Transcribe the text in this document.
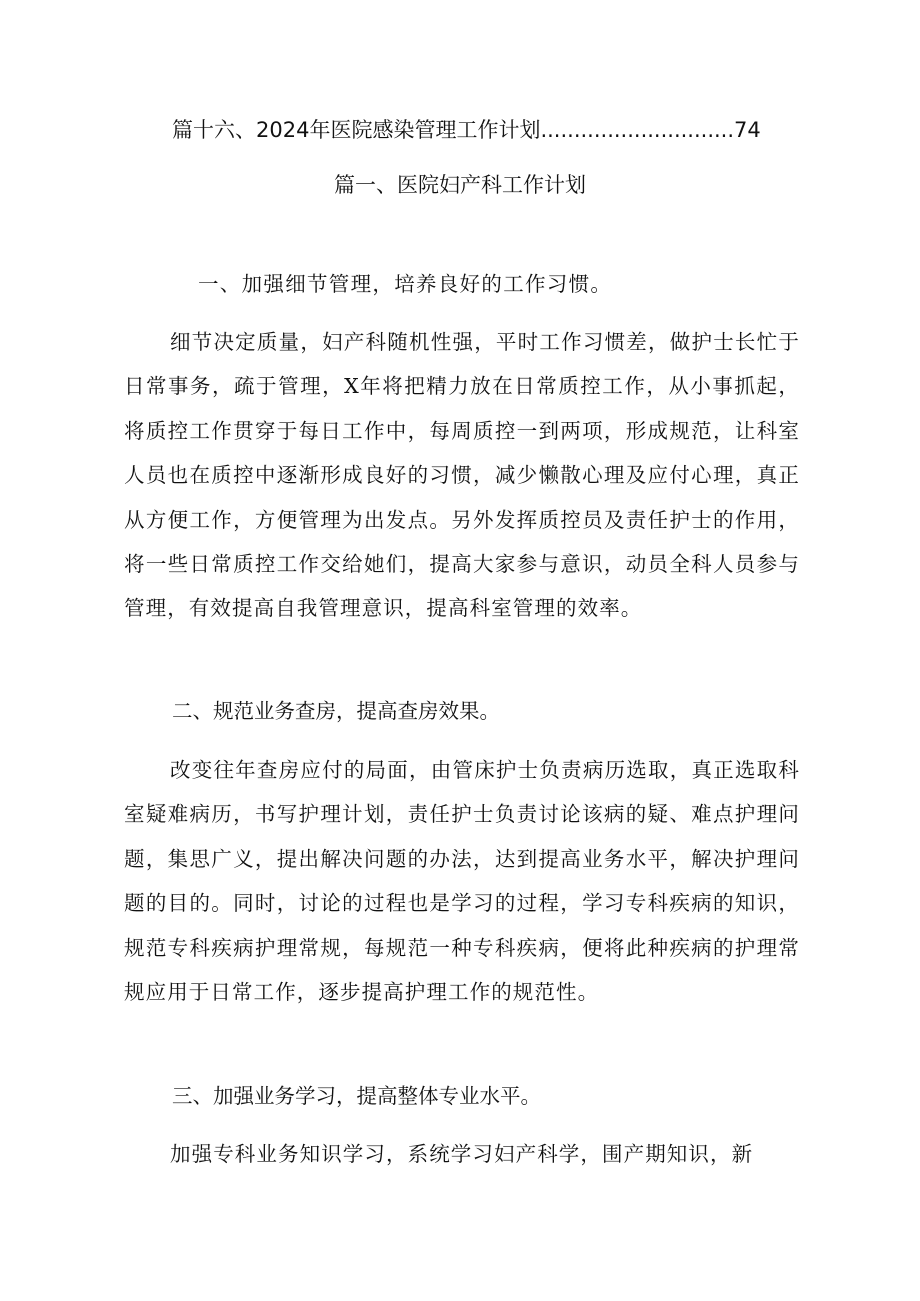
篇十六、2024年医院感染管理工作计划.............................74
篇一、医院妇产科工作计划
一、加强细节管理，培养良好的工作习惯。

细节决定质量，妇产科随机性强，平时工作习惯差，做护士长忙于日常事务，疏于管理，X年将把精力放在日常质控工作，从小事抓起，将质控工作贯穿于每日工作中，每周质控一到两项，形成规范，让科室人员也在质控中逐渐形成良好的习惯，减少懒散心理及应付心理，真正从方便工作，方便管理为出发点。另外发挥质控员及责任护士的作用，将一些日常质控工作交给她们，提高大家参与意识，动员全科人员参与管理，有效提高自我管理意识，提高科室管理的效率。

二、规范业务查房，提高查房效果。

改变往年查房应付的局面，由管床护士负责病历选取，真正选取科室疑难病历，书写护理计划，责任护士负责讨论该病的疑、难点护理问题，集思广义，提出解决问题的办法，达到提高业务水平，解决护理问题的目的。同时，讨论的过程也是学习的过程，学习专科疾病的知识，规范专科疾病护理常规，每规范一种专科疾病，便将此种疾病的护理常规应用于日常工作，逐步提高护理工作的规范性。

三、加强业务学习，提高整体专业水平。

加强专科业务知识学习，系统学习妇产科学，围产期知识，新
